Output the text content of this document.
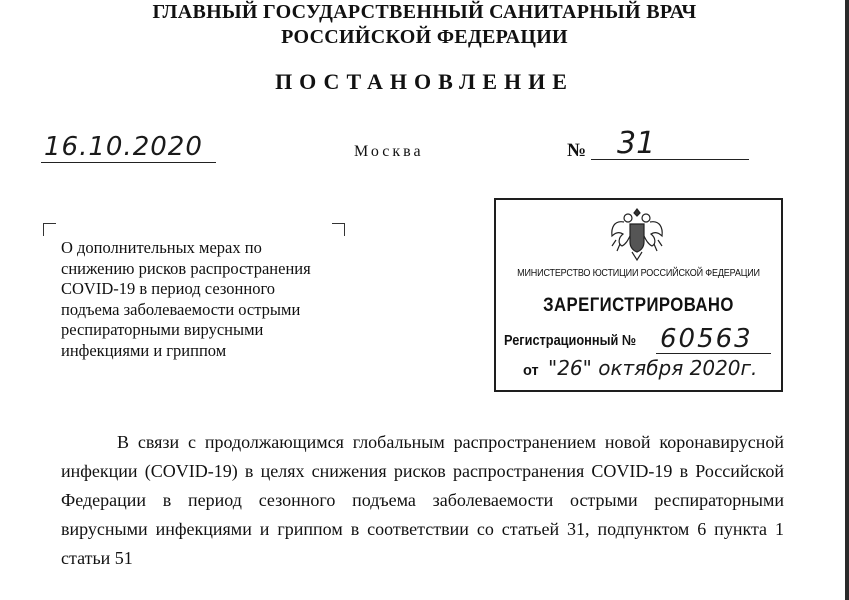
ГЛАВНЫЙ ГОСУДАРСТВЕННЫЙ САНИТАРНЫЙ ВРАЧ
РОССИЙСКОЙ ФЕДЕРАЦИИ
ПОСТАНОВЛЕНИЕ
16.10.2020	Москва	№ 31
О дополнительных мерах по
снижению рисков распространения
COVID-19 в период сезонного
подъема заболеваемости острыми
респираторными вирусными
инфекциями и гриппом
МИНИСТЕРСТВО ЮСТИЦИИ РОССИЙСКОЙ ФЕДЕРАЦИИ
ЗАРЕГИСТРИРОВАНО
Регистрационный № 60563
от "26" октября 2020г.

В связи с продолжающимся глобальным распространением новой коронавирусной инфекции (COVID-19) в целях снижения рисков распространения COVID-19 в Российской Федерации в период сезонного подъема заболеваемости острыми респираторными вирусными инфекциями и гриппом в соответствии со статьей 31, подпунктом 6 пункта 1 статьи 51
